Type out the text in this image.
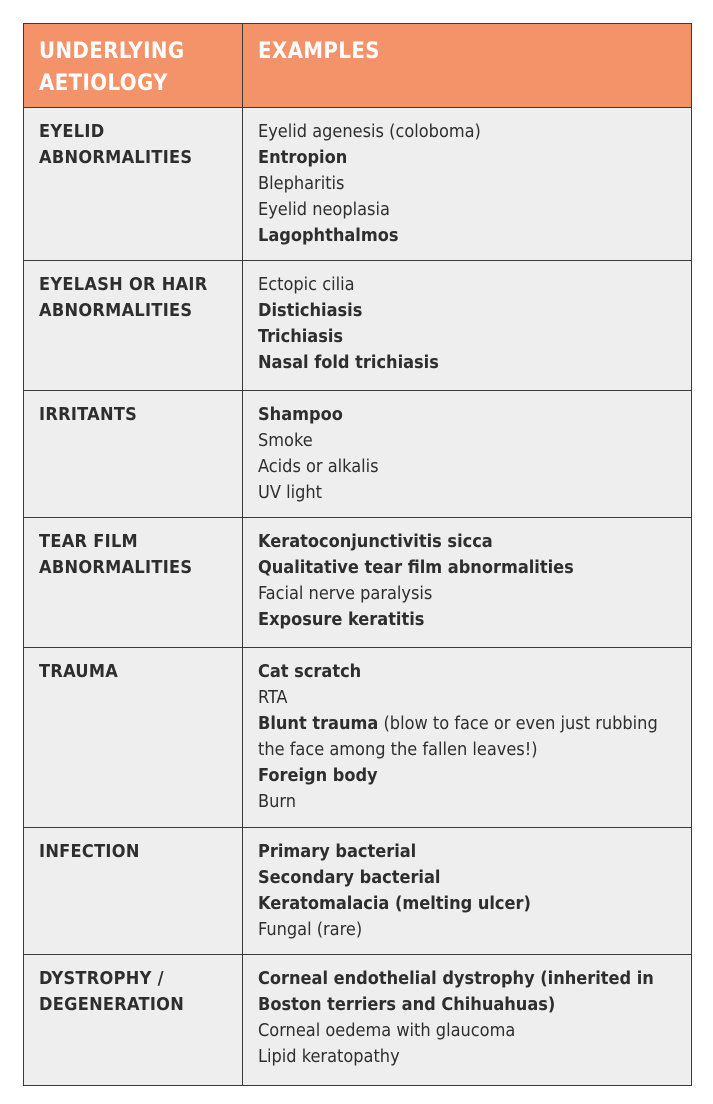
UNDERLYING AETIOLOGY	EXAMPLES
EYELID ABNORMALITIES	Eyelid agenesis (coloboma)
Entropion
Blepharitis
Eyelid neoplasia
Lagophthalmos

EYELASH OR HAIR ABNORMALITIES	Ectopic cilia
Distichiasis
Trichiasis
Nasal fold trichiasis

IRRITANTS	Shampoo
Smoke
Acids or alkalis
UV light

TEAR FILM ABNORMALITIES	Keratoconjunctivitis sicca
Qualitative tear film abnormalities
Facial nerve paralysis
Exposure keratitis

TRAUMA	Cat scratch
RTA
Blunt trauma (blow to face or even just rubbing the face among the fallen leaves!)
Foreign body
Burn

INFECTION	Primary bacterial
Secondary bacterial
Keratomalacia (melting ulcer)
Fungal (rare)

DYSTROPHY / DEGENERATION	Corneal endothelial dystrophy (inherited in Boston terriers and Chihuahuas)
Corneal oedema with glaucoma
Lipid keratopathy
